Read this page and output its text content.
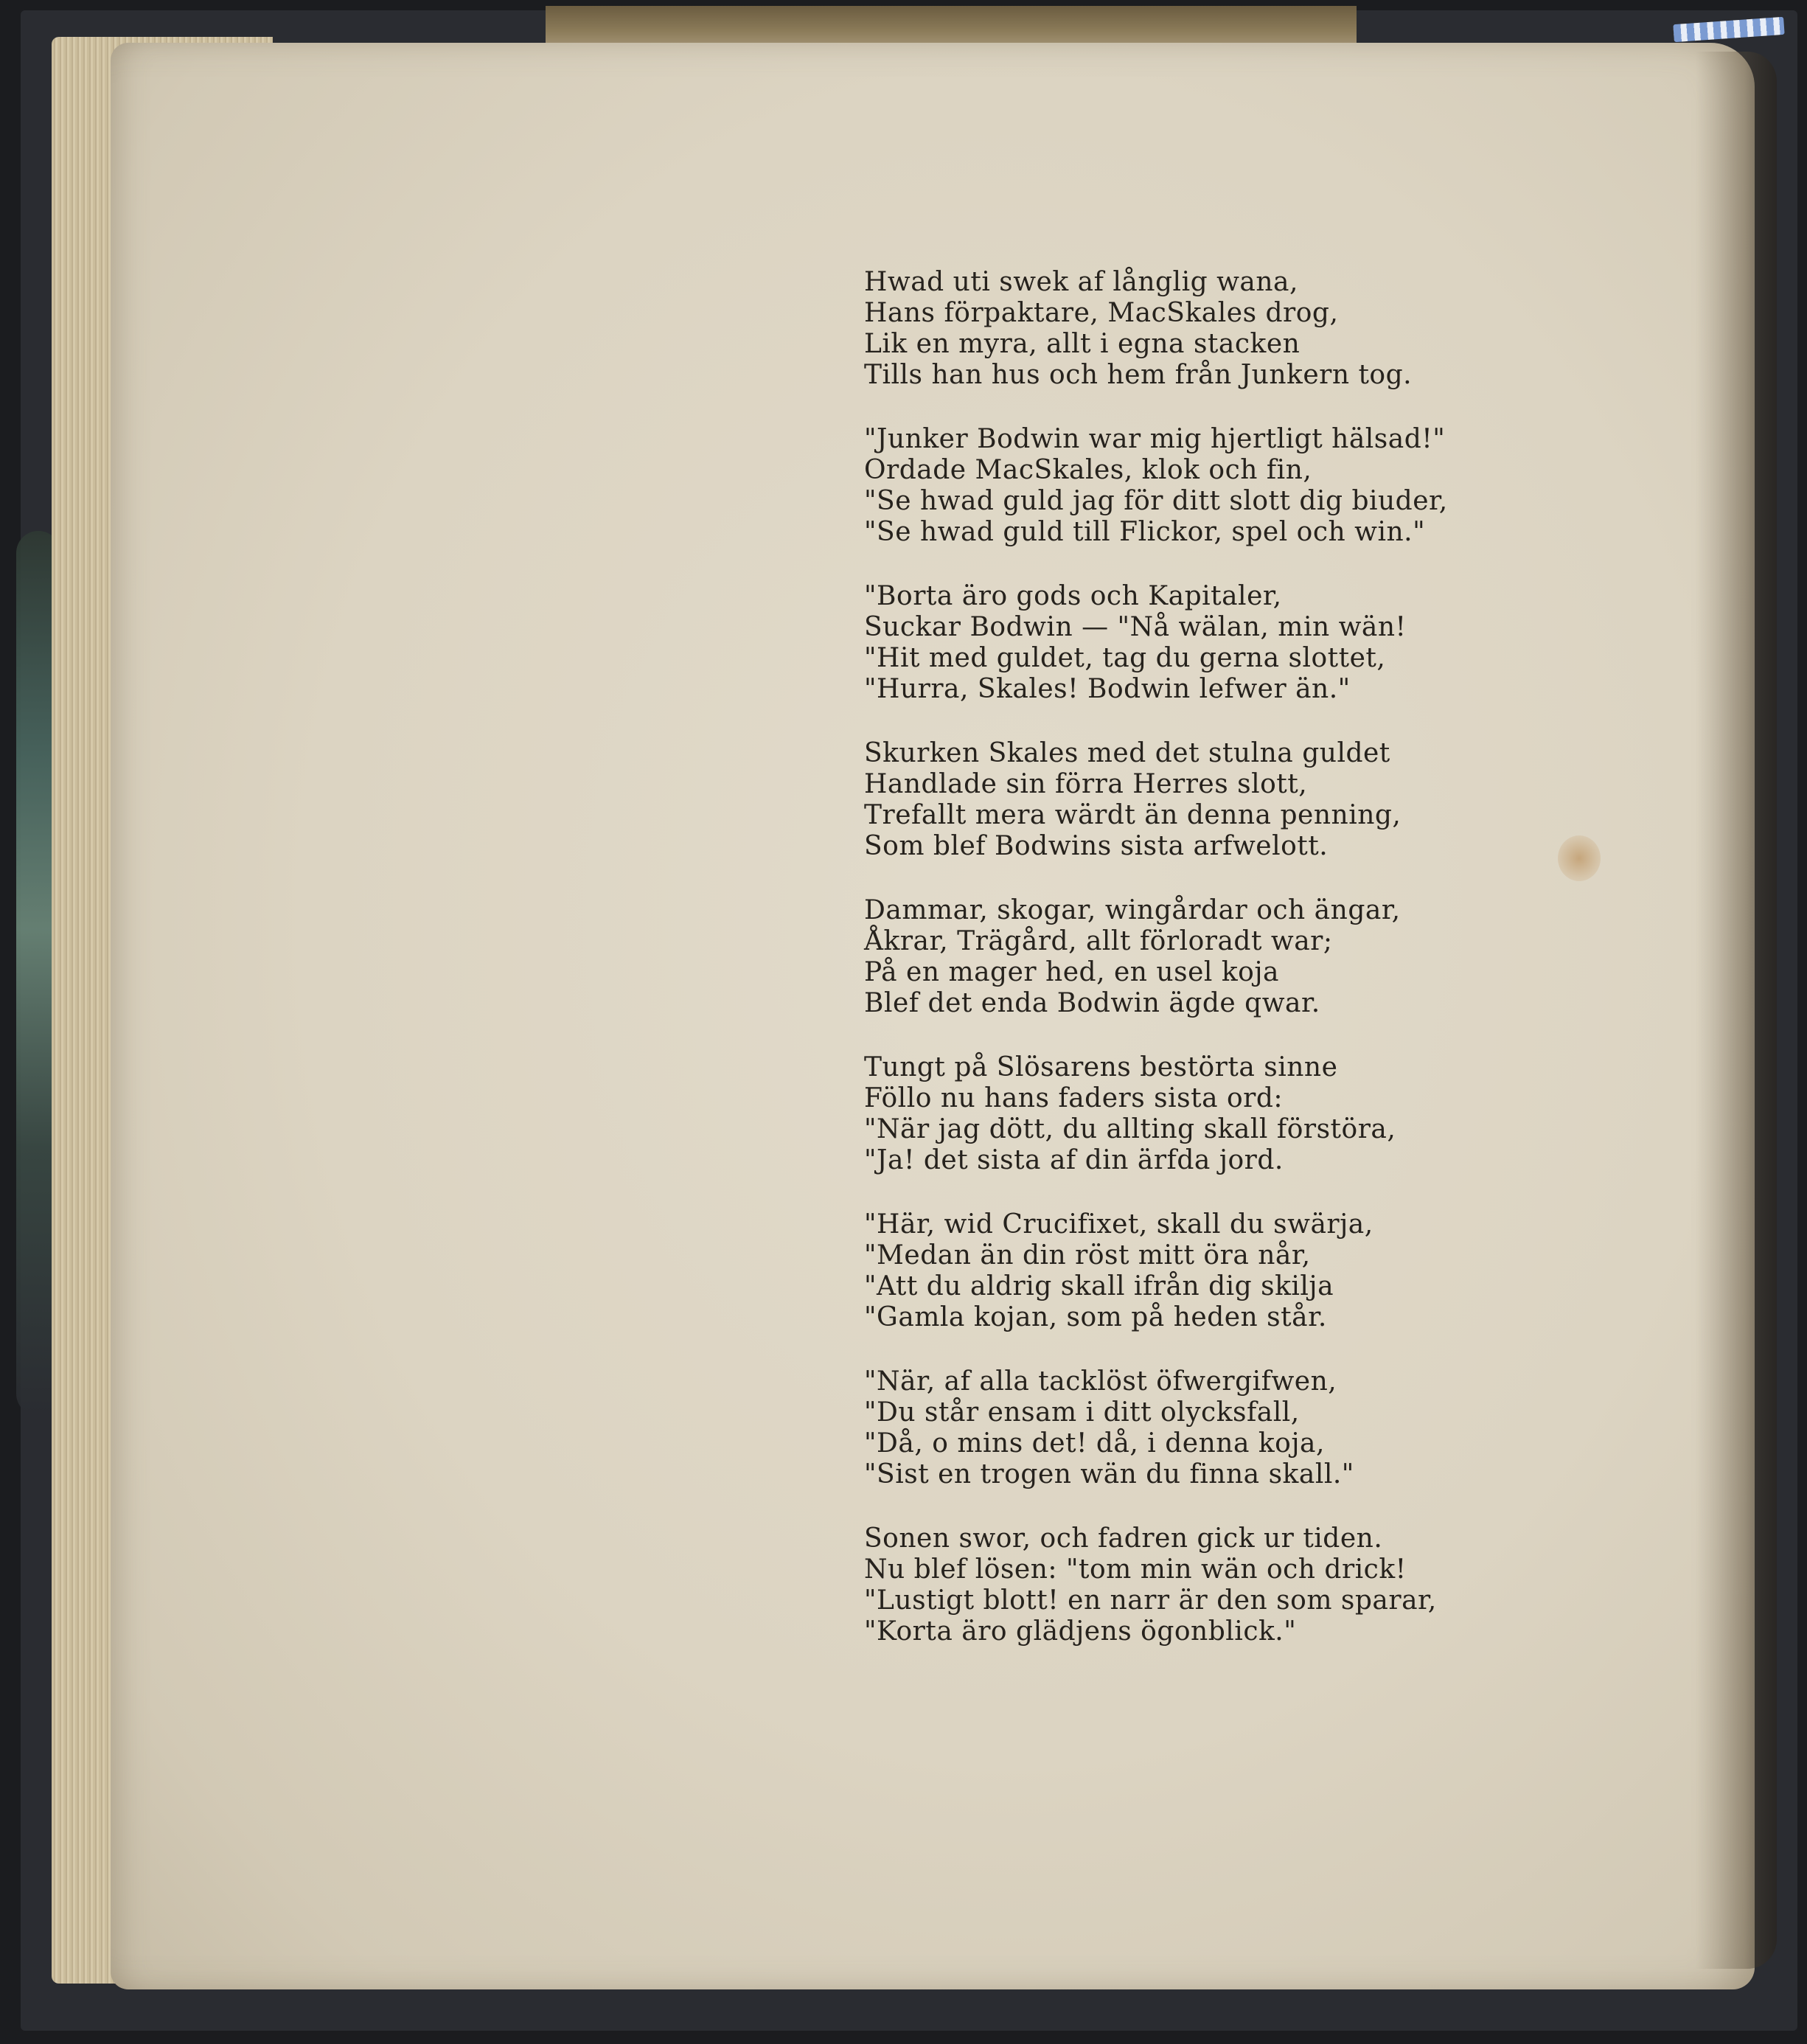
Hwad uti swek af långlig wana,
Hans förpaktare, MacSkales drog,
Lik en myra, allt i egna stacken
Tills han hus och hem från Junkern tog.
"Junker Bodwin war mig hjertligt hälsad!"
Ordade MacSkales, klok och fin,
"Se hwad guld jag för ditt slott dig biuder,
"Se hwad guld till Flickor, spel och win."
"Borta äro gods och Kapitaler,
Suckar Bodwin — "Nå wälan, min wän!
"Hit med guldet, tag du gerna slottet,
"Hurra, Skales! Bodwin lefwer än."
Skurken Skales med det stulna guldet
Handlade sin förra Herres slott,
Trefallt mera wärdt än denna penning,
Som blef Bodwins sista arfwelott.
Dammar, skogar, wingårdar och ängar,
Åkrar, Trägård, allt förloradt war;
På en mager hed, en usel koja
Blef det enda Bodwin ägde qwar.
Tungt på Slösarens bestörta sinne
Föllo nu hans faders sista ord:
"När jag dött, du allting skall förstöra,
"Ja! det sista af din ärfda jord.
"Här, wid Crucifixet, skall du swärja,
"Medan än din röst mitt öra når,
"Att du aldrig skall ifrån dig skilja
"Gamla kojan, som på heden står.
"När, af alla tacklöst öfwergifwen,
"Du står ensam i ditt olycksfall,
"Då, o mins det! då, i denna koja,
"Sist en trogen wän du finna skall."
Sonen swor, och fadren gick ur tiden.
Nu blef lösen: "tom min wän och drick!
"Lustigt blott! en narr är den som sparar,
"Korta äro glädjens ögonblick."
